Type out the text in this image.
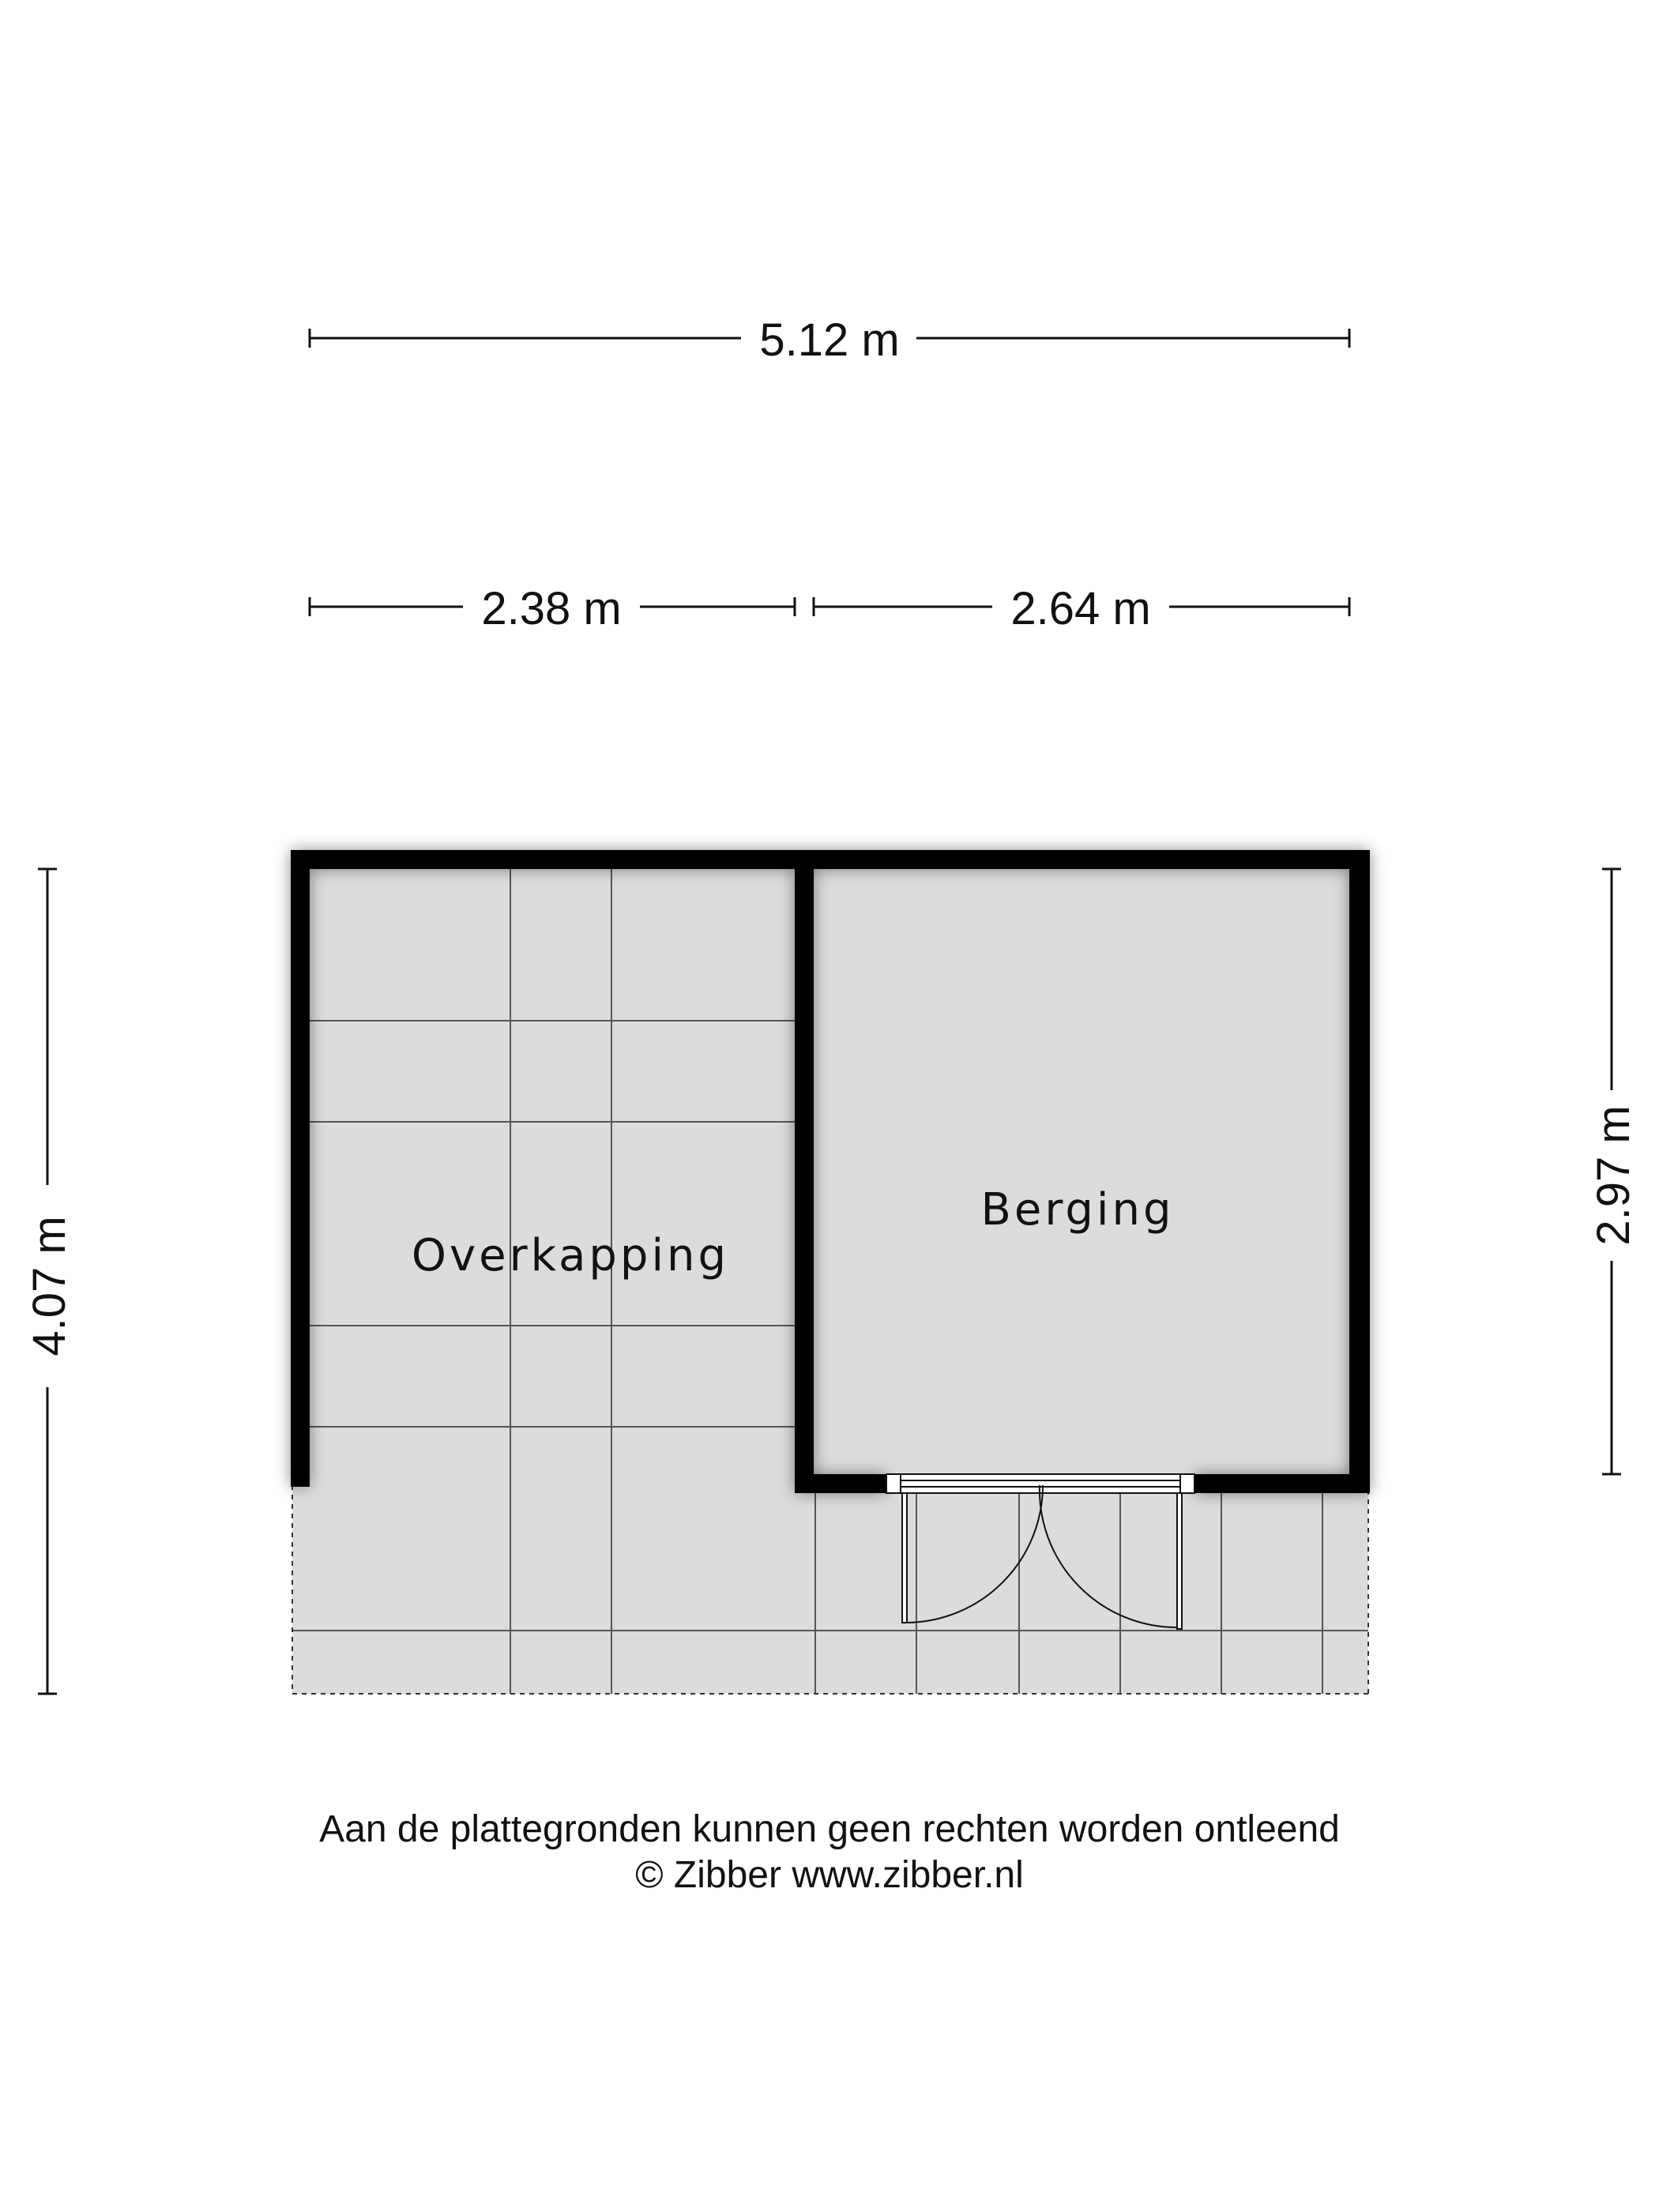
5.12 m
2.38 m	2.64 m
4.07 m
2.97 m
Overkapping
Berging
Aan de plattegronden kunnen geen rechten worden ontleend
© Zibber www.zibber.nl
